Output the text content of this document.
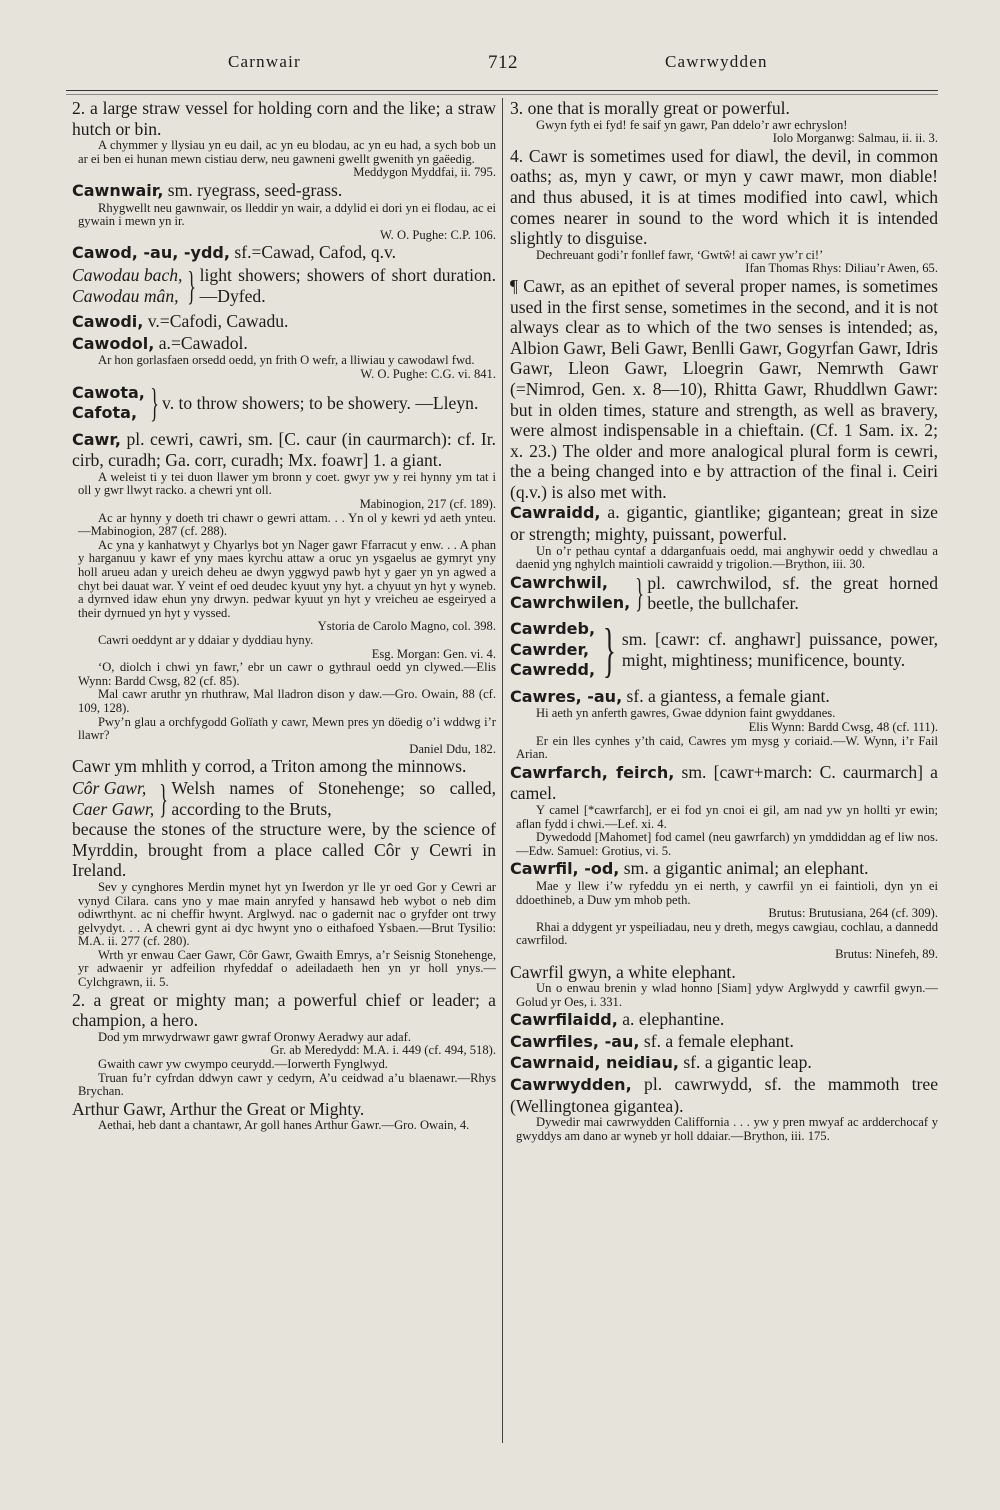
Carnwair	712	Cawrwydden

2. a large straw vessel for holding corn and the like; a straw hutch or bin.

A chymmer y llysiau yn eu dail, ac yn eu blodau, ac yn eu had, a sych bob un ar ei ben ei hunan mewn cistiau derw, neu gawneni gwellt gwenith yn gaëedig.
Meddygon Myddfai, ii. 795.

Cawnwair, sm. ryegrass, seed-grass.

Rhygwellt neu gawnwair, os lleddir yn wair, a ddylid ei dori yn ei flodau, ac ei gywain i mewn yn ir.
W. O. Pughe: C.P. 106.

Cawod, -au, -ydd, sf.=Cawad, Cafod, q.v.

Cawodau bach,
Cawodau mân, } light showers; showers of short duration.—Dyfed.

Cawodi, v.=Cafodi, Cawadu.

Cawodol, a.=Cawadol.

Ar hon gorlasfaen orsedd oedd, yn frith O wefr, a lliwiau y cawodawl fwd.
W. O. Pughe: C.G. vi. 841.

Cawota,
Cafota, } v. to throw showers; to be showery. —Lleyn.

Cawr, pl. cewri, cawri, sm. [C. caur (in caurmarch): cf. Ir. cirb, curadh; Ga. corr, curadh; Mx. foawr] 1. a giant.

A weleist ti y tei duon llawer ym bronn y coet. gwyr yw y rei hynny ym tat i oll y gwr llwyt racko. a chewri ynt oll.
Mabinogion, 217 (cf. 189).

Ac ar hynny y doeth tri chawr o gewri attam. . . Yn ol y kewri yd aeth ynteu.—Mabinogion, 287 (cf. 288).

Ac yna y kanhatwyt y Chyarlys bot yn Nager gawr Ffarracut y enw. . . A phan y harganuu y kawr ef yny maes kyrchu attaw a oruc yn ysgaelus ae gymryt yny holl arueu adan y ureich deheu ae dwyn yggwyd pawb hyt y gaer yn yn agwed a chyt bei dauat war. Y veint ef oed deudec kyuut yny hyt. a chyuut yn hyt y wyneb. a dyrnved idaw ehun yny drwyn. pedwar kyuut yn hyt y vreicheu ae esgeiryed a their dyrnued yn hyt y vyssed.
Ystoria de Carolo Magno, col. 398.

Cawri oeddynt ar y ddaiar y dyddiau hyny.
Esg. Morgan: Gen. vi. 4.

‘O, diolch i chwi yn fawr,’ ebr un cawr o gythraul oedd yn clywed.—Elis Wynn: Bardd Cwsg, 82 (cf. 85).

Mal cawr aruthr yn rhuthraw, Mal lladron dison y daw.—Gro. Owain, 88 (cf. 109, 128).

Pwy’n glau a orchfygodd Golïath y cawr, Mewn pres yn döedig o’i wddwg i’r llawr?
Daniel Ddu, 182.

Cawr ym mhlith y corrod, a Triton among the minnows.

Côr Gawr,
Caer Gawr, } Welsh names of Stonehenge; so called, according to the Bruts,

because the stones of the structure were, by the science of Myrddin, brought from a place called Côr y Cewri in Ireland.

Sev y cynghores Merdin mynet hyt yn Iwerdon yr lle yr oed Gor y Cewri ar vynyd Cilara. cans yno y mae main anryfed y hansawd heb wybot o neb dim odiwrthynt. ac ni cheffir hwynt. Arglwyd. nac o gadernit nac o gryfder ont trwy gelvydyt. . . A chewri gynt ai dyc hwynt yno o eithafoed Ysbaen.—Brut Tysilio: M.A. ii. 277 (cf. 280).

Wrth yr enwau Caer Gawr, Côr Gawr, Gwaith Emrys, a’r Seisnig Stonehenge, yr adwaenir yr adfeilion rhyfeddaf o adeiladaeth hen yn yr holl ynys.—Cylchgrawn, ii. 5.

2. a great or mighty man; a powerful chief or leader; a champion, a hero.

Dod ym mrwydrwawr gawr gwraf Oronwy Aeradwy aur adaf.
Gr. ab Meredydd: M.A. i. 449 (cf. 494, 518).

Gwaith cawr yw cwympo ceurydd.—Iorwerth Fynglwyd.

Truan fu’r cyfrdan ddwyn cawr y cedyrn, A’u ceidwad a’u blaenawr.—Rhys Brychan.

Arthur Gawr, Arthur the Great or Mighty.

Aethai, heb dant a chantawr, Ar goll hanes Arthur Gawr.—Gro. Owain, 4.

3. one that is morally great or powerful.

Gwyn fyth ei fyd! fe saif yn gawr, Pan ddelo’r awr echryslon!
Iolo Morganwg: Salmau, ii. ii. 3.

4. Cawr is sometimes used for diawl, the devil, in common oaths; as, myn y cawr, or myn y cawr mawr, mon diable! and thus abused, it is at times modified into cawl, which comes nearer in sound to the word which it is intended slightly to disguise.

Dechreuant godi’r fonllef fawr, ‘Gwtŵ! ai cawr yw’r ci!’
Ifan Thomas Rhys: Diliau’r Awen, 65.

¶ Cawr, as an epithet of several proper names, is sometimes used in the first sense, sometimes in the second, and it is not always clear as to which of the two senses is intended; as, Albion Gawr, Beli Gawr, Benlli Gawr, Gogyrfan Gawr, Idris Gawr, Lleon Gawr, Lloegrin Gawr, Nemrwth Gawr (=Nimrod, Gen. x. 8—10), Rhitta Gawr, Rhuddlwn Gawr: but in olden times, stature and strength, as well as bravery, were almost indispensable in a chieftain. (Cf. 1 Sam. ix. 2; x. 23.) The older and more analogical plural form is cewri, the a being changed into e by attraction of the final i. Ceiri (q.v.) is also met with.

Cawraidd, a. gigantic, giantlike; gigantean; great in size or strength; mighty, puissant, powerful.

Un o’r pethau cyntaf a ddarganfuais oedd, mai anghywir oedd y chwedlau a daenid yng nghylch maintioli cawraidd y trigolion.—Brython, iii. 30.

Cawrchwil,
Cawrchwilen, } pl. cawrchwilod, sf. the great horned beetle, the bullchafer.
Cawrdeb,
Cawrder,
Cawredd, } sm. [cawr: cf. anghawr] puissance, power, might, mightiness; munificence, bounty.

Cawres, -au, sf. a giantess, a female giant.

Hi aeth yn anferth gawres, Gwae ddynion faint gwyddanes.
Elis Wynn: Bardd Cwsg, 48 (cf. 111).

Er ein lles cynhes y’th caid, Cawres ym mysg y coriaid.—W. Wynn, i’r Fail Arian.

Cawrfarch, feirch, sm. [cawr+march: C. caurmarch] a camel.

Y camel [*cawrfarch], er ei fod yn cnoi ei gil, am nad yw yn hollti yr ewin; aflan fydd i chwi.—Lef. xi. 4.

Dywedodd [Mahomet] fod camel (neu gawrfarch) yn ymddiddan ag ef liw nos.—Edw. Samuel: Grotius, vi. 5.

Cawrfil, -od, sm. a gigantic animal; an elephant.

Mae y llew i’w ryfeddu yn ei nerth, y cawrfil yn ei faintioli, dyn yn ei ddoethineb, a Duw ym mhob peth.
Brutus: Brutusiana, 264 (cf. 309).

Rhai a ddygent yr yspeiliadau, neu y dreth, megys cawgiau, cochlau, a dannedd cawrfilod.
Brutus: Ninefeh, 89.

Cawrfil gwyn, a white elephant.

Un o enwau brenin y wlad honno [Siam] ydyw Arglwydd y cawrfil gwyn.—Golud yr Oes, i. 331.

Cawrfilaidd, a. elephantine.

Cawrfiles, -au, sf. a female elephant.

Cawrnaid, neidiau, sf. a gigantic leap.

Cawrwydden, pl. cawrwydd, sf. the mammoth tree (Wellingtonea gigantea).

Dywedir mai cawrwydden Califfornia . . . yw y pren mwyaf ac ardderchocaf y gwyddys am dano ar wyneb yr holl ddaiar.—Brython, iii. 175.
